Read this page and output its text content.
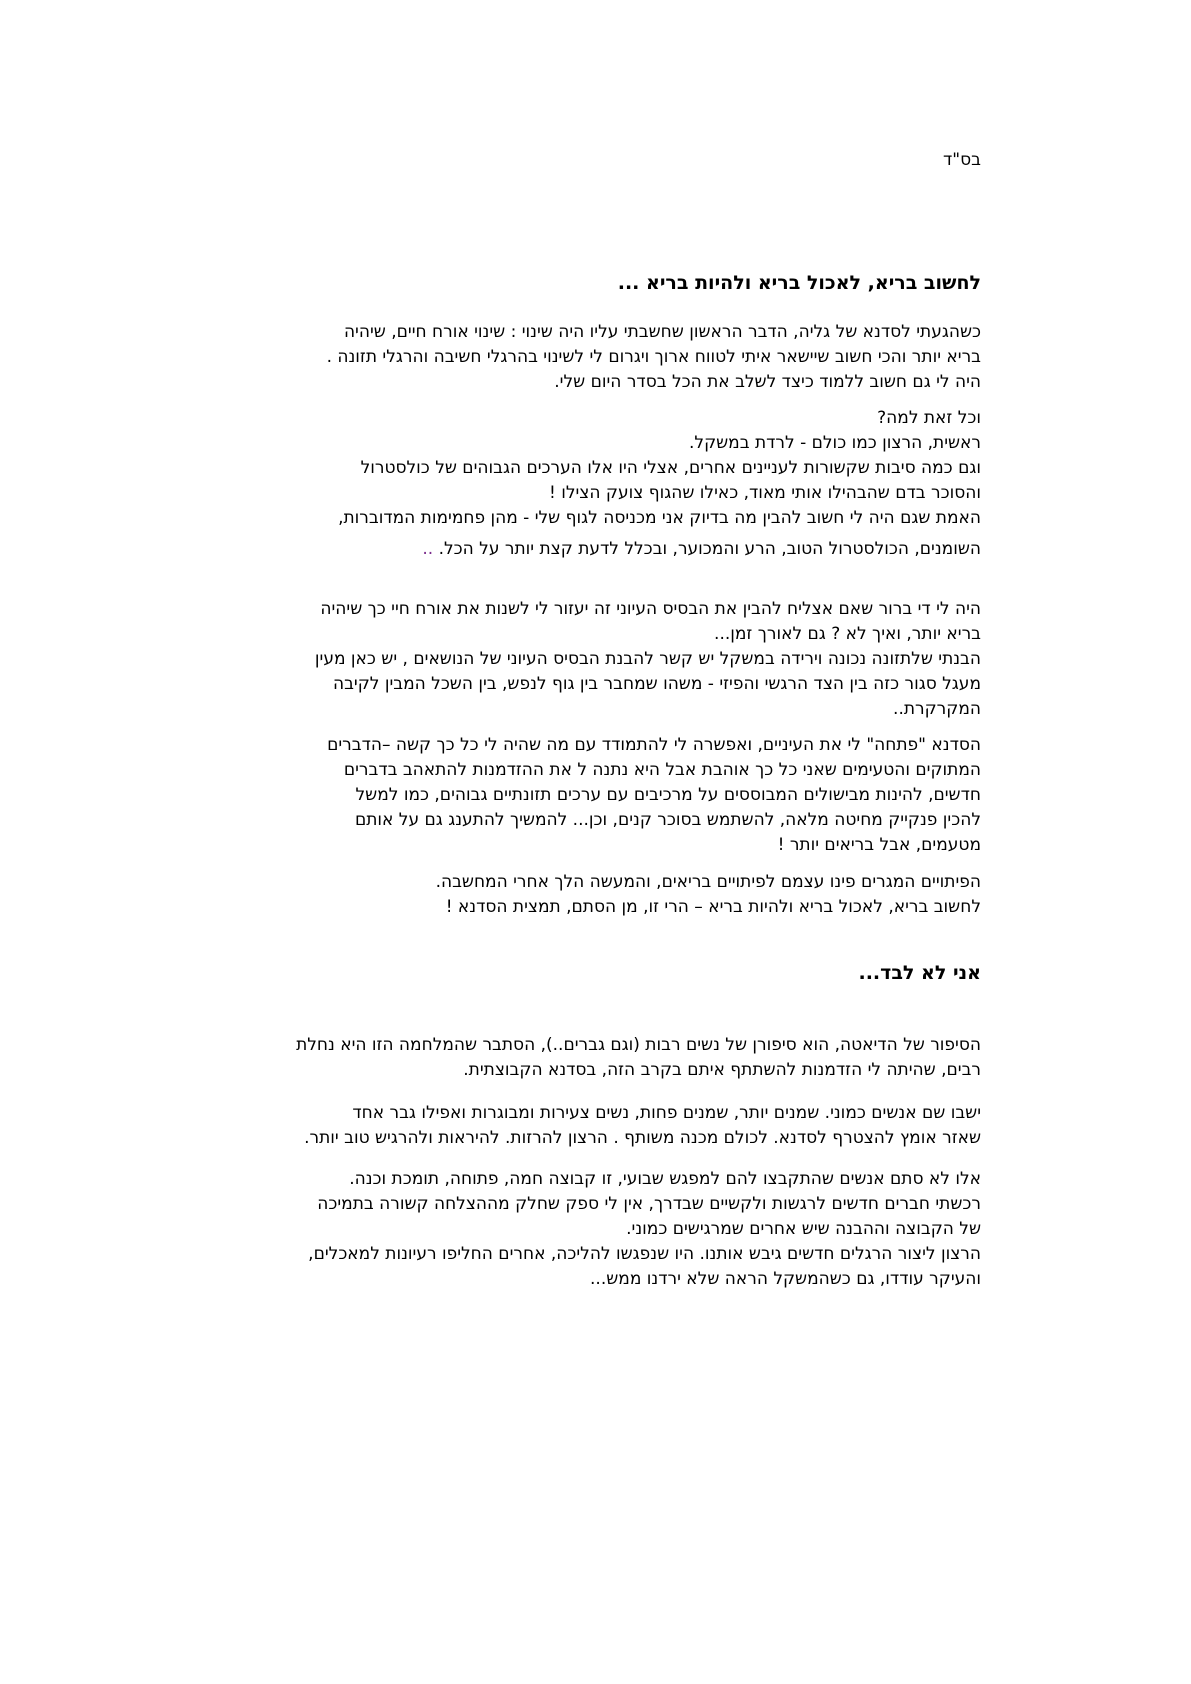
בס"ד
לחשוב בריא, לאכול בריא ולהיות בריא ...
כשהגעתי לסדנא של גליה, הדבר הראשון שחשבתי עליו היה שינוי : שינוי אורח חיים, שיהיה
בריא יותר והכי חשוב שיישאר איתי לטווח ארוך ויגרום לי לשינוי בהרגלי חשיבה והרגלי תזונה .
היה לי גם חשוב ללמוד כיצד לשלב את הכל בסדר היום שלי.
וכל זאת למה?
ראשית, הרצון כמו כולם - לרדת במשקל.
וגם כמה סיבות שקשורות לעניינים אחרים, אצלי היו אלו הערכים הגבוהים של כולסטרול
והסוכר בדם שהבהילו אותי מאוד, כאילו שהגוף צועק הצילו !
האמת שגם היה לי חשוב להבין מה בדיוק אני מכניסה לגוף שלי - מהן פחמימות המדוברות,
השומנים, הכולסטרול הטוב, הרע והמכוער, ובכלל לדעת קצת יותר על הכל. ..
היה לי די ברור שאם אצליח להבין את הבסיס העיוני זה יעזור לי לשנות את אורח חיי כך שיהיה
בריא יותר, ואיך לא ? גם לאורך זמן...
הבנתי שלתזונה נכונה וירידה במשקל יש קשר להבנת הבסיס העיוני של הנושאים , יש כאן מעין
מעגל סגור כזה בין הצד הרגשי והפיזי - משהו שמחבר בין גוף לנפש, בין השכל המבין לקיבה
המקרקרת..
הסדנא "פתחה" לי את העיניים, ואפשרה לי להתמודד עם מה שהיה לי כל כך קשה –הדברים
המתוקים והטעימים שאני כל כך אוהבת אבל היא נתנה ל את ההזדמנות להתאהב בדברים
חדשים, להינות מבישולים המבוססים על מרכיבים עם ערכים תזונתיים גבוהים, כמו למשל
להכין פנקייק מחיטה מלאה, להשתמש בסוכר קנים, וכן... להמשיך להתענג גם על אותם
מטעמים, אבל בריאים יותר !
הפיתויים המגרים פינו עצמם לפיתויים בריאים, והמעשה הלך אחרי המחשבה.
לחשוב בריא, לאכול בריא ולהיות בריא – הרי זו, מן הסתם, תמצית הסדנא !
אני לא לבד...
הסיפור של הדיאטה, הוא סיפורן של נשים רבות (וגם גברים..), הסתבר שהמלחמה הזו היא נחלת
רבים, שהיתה לי הזדמנות להשתתף איתם בקרב הזה, בסדנא הקבוצתית.
ישבו שם אנשים כמוני. שמנים יותר, שמנים פחות, נשים צעירות ומבוגרות ואפילו גבר אחד
שאזר אומץ להצטרף לסדנא. לכולם מכנה משותף . הרצון להרזות. להיראות ולהרגיש טוב יותר.
אלו לא סתם אנשים שהתקבצו להם למפגש שבועי, זו קבוצה חמה, פתוחה, תומכת וכנה.
רכשתי חברים חדשים לרגשות ולקשיים שבדרך, אין לי ספק שחלק מההצלחה קשורה בתמיכה
של הקבוצה וההבנה שיש אחרים שמרגישים כמוני.
הרצון ליצור הרגלים חדשים גיבש אותנו. היו שנפגשו להליכה, אחרים החליפו רעיונות למאכלים,
והעיקר עודדו, גם כשהמשקל הראה שלא ירדנו ממש...
